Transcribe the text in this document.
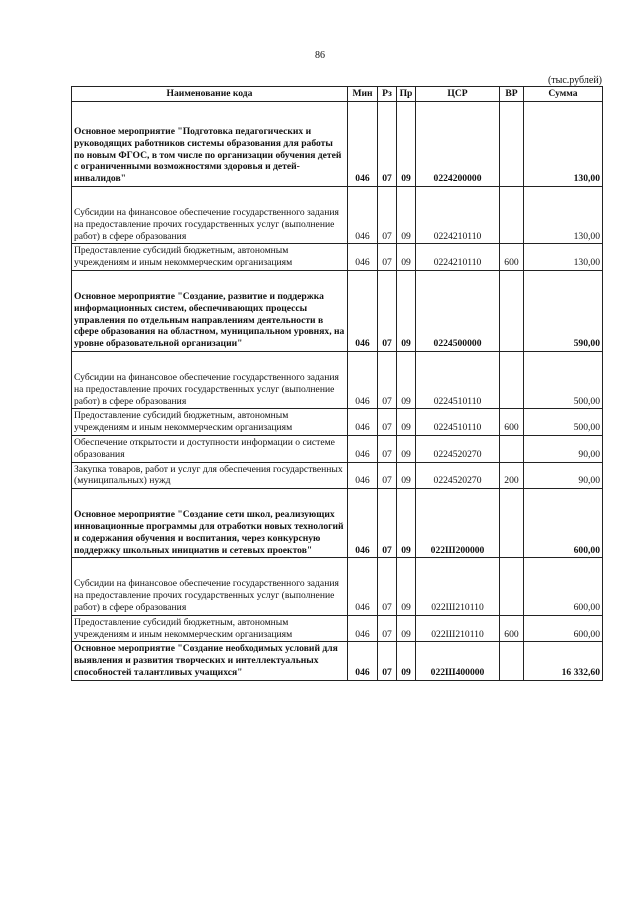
86
(тыс.рублей)
Наименование кода	Мин	Рз	Пр	ЦСР	ВР	Сумма
Основное мероприятие "Подготовка педагогических и руководящих работников системы образования для работы по новым ФГОС, в том числе по организации обучения детей с ограниченными возможностями здоровья и детей-инвалидов"	046	07	09	0224200000		130,00
Субсидии на финансовое обеспечение государственного задания на предоставление прочих государственных услуг (выполнение работ) в сфере образования	046	07	09	0224210110		130,00
Предоставление субсидий бюджетным, автономным учреждениям и иным некоммерческим организациям	046	07	09	0224210110	600	130,00
Основное мероприятие "Создание, развитие и поддержка информационных систем, обеспечивающих процессы управления по отдельным направлениям деятельности в сфере образования на областном, муниципальном уровнях, на уровне образовательной организации"	046	07	09	0224500000		590,00
Субсидии на финансовое обеспечение государственного задания на предоставление прочих государственных услуг (выполнение работ) в сфере образования	046	07	09	0224510110		500,00
Предоставление субсидий бюджетным, автономным учреждениям и иным некоммерческим организациям	046	07	09	0224510110	600	500,00
Обеспечение открытости и доступности информации о системе образования	046	07	09	0224520270		90,00
Закупка товаров, работ и услуг для обеспечения государственных (муниципальных) нужд	046	07	09	0224520270	200	90,00
Основное мероприятие "Создание сети школ, реализующих инновационные программы для отработки новых технологий и содержания обучения и воспитания, через конкурсную поддержку школьных инициатив и сетевых проектов"	046	07	09	022Ш200000		600,00
Субсидии на финансовое обеспечение государственного задания на предоставление прочих государственных услуг (выполнение работ) в сфере образования	046	07	09	022Ш210110		600,00
Предоставление субсидий бюджетным, автономным учреждениям и иным некоммерческим организациям	046	07	09	022Ш210110	600	600,00
Основное мероприятие "Создание необходимых условий для выявления и развития творческих и интеллектуальных способностей талантливых учащихся"	046	07	09	022Ш400000		16 332,60
